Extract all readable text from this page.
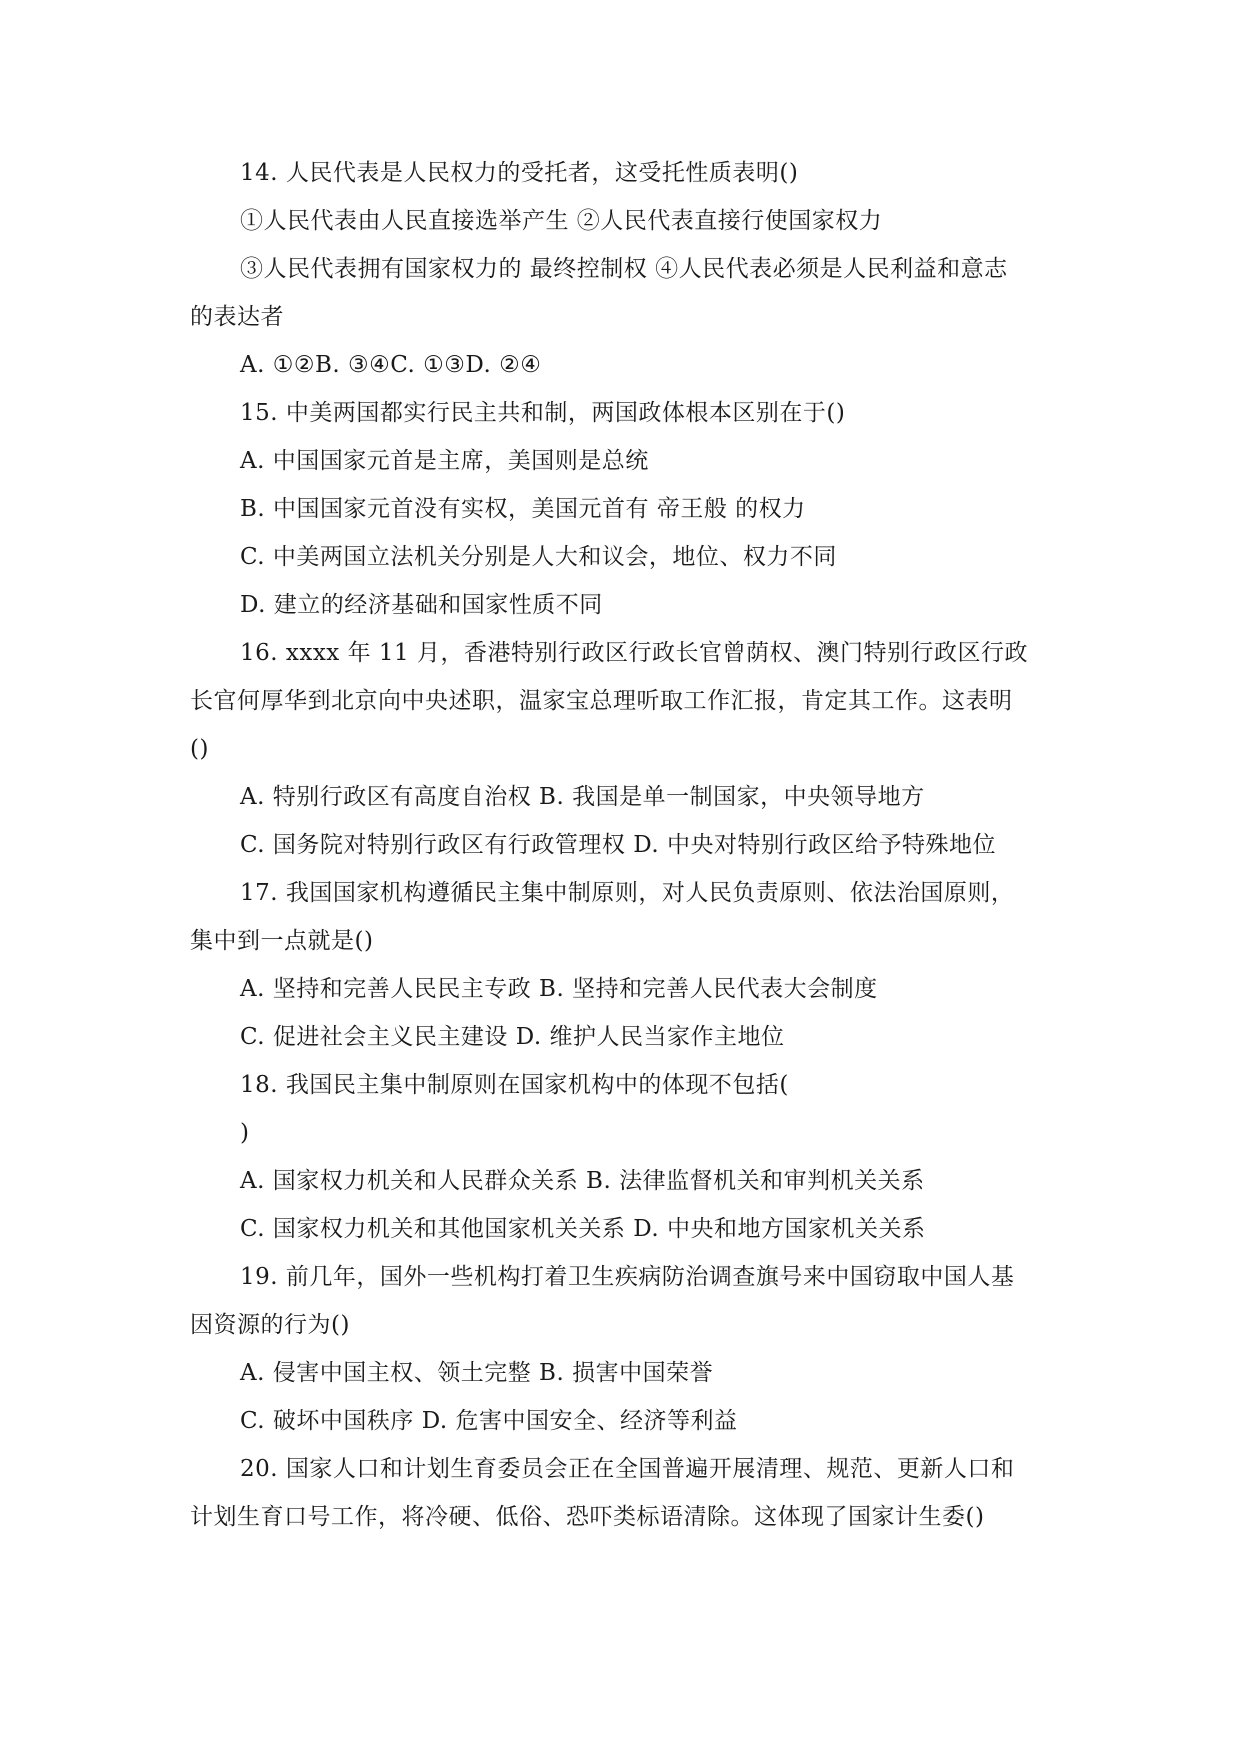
14. 人民代表是人民权力的受托者，这受托性质表明()
①人民代表由人民直接选举产生 ②人民代表直接行使国家权力
③人民代表拥有国家权力的 最终控制权 ④人民代表必须是人民利益和意志
的表达者
A. ①②B. ③④C. ①③D. ②④
15. 中美两国都实行民主共和制，两国政体根本区别在于()
A. 中国国家元首是主席，美国则是总统
B. 中国国家元首没有实权，美国元首有 帝王般 的权力
C. 中美两国立法机关分别是人大和议会，地位、权力不同
D. 建立的经济基础和国家性质不同
16. xxxx 年 11 月，香港特别行政区行政长官曾荫权、澳门特别行政区行政
长官何厚华到北京向中央述职，温家宝总理听取工作汇报，肯定其工作。这表明
()
A. 特别行政区有高度自治权 B. 我国是单一制国家，中央领导地方
C. 国务院对特别行政区有行政管理权 D. 中央对特别行政区给予特殊地位
17. 我国国家机构遵循民主集中制原则，对人民负责原则、依法治国原则，
集中到一点就是()
A. 坚持和完善人民民主专政 B. 坚持和完善人民代表大会制度
C. 促进社会主义民主建设 D. 维护人民当家作主地位
18. 我国民主集中制原则在国家机构中的体现不包括(
)
A. 国家权力机关和人民群众关系 B. 法律监督机关和审判机关关系
C. 国家权力机关和其他国家机关关系 D. 中央和地方国家机关关系
19. 前几年，国外一些机构打着卫生疾病防治调查旗号来中国窃取中国人基
因资源的行为()
A. 侵害中国主权、领土完整 B. 损害中国荣誉
C. 破坏中国秩序 D. 危害中国安全、经济等利益
20. 国家人口和计划生育委员会正在全国普遍开展清理、规范、更新人口和
计划生育口号工作，将冷硬、低俗、恐吓类标语清除。这体现了国家计生委()
